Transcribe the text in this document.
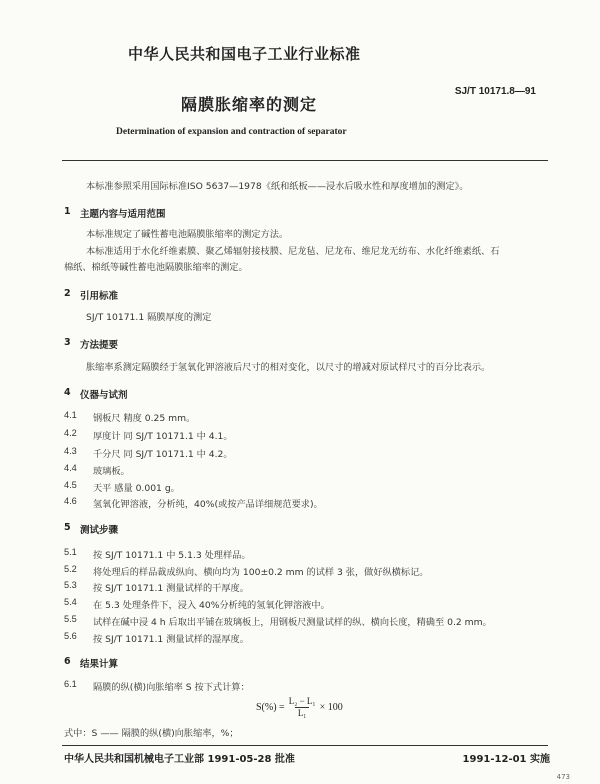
中华人民共和国电子工业行业标准
SJ/T 10171.8—91
隔膜胀缩率的测定
Determination of expansion and contraction of separator
本标准参照采用国际标准ISO 5637—1978《纸和纸板——浸水后吸水性和厚度增加的测定》。
1 主题内容与适用范围
本标准规定了碱性蓄电池隔膜胀缩率的测定方法。
本标准适用于水化纤维素膜、聚乙烯辐射接枝膜、尼龙毡、尼龙布、维尼龙无纺布、水化纤维素纸、石
棉纸、棉纸等碱性蓄电池隔膜胀缩率的测定。
2 引用标准
SJ/T 10171.1 隔膜厚度的测定
3 方法提要
胀缩率系测定隔膜经于氢氧化钾溶液后尺寸的相对变化，以尺寸的增减对原试样尺寸的百分比表示。
4 仪器与试剂
4.1 钢板尺 精度 0.25 mm。
4.2 厚度计 同 SJ/T 10171.1 中 4.1。
4.3 千分尺 同 SJ/T 10171.1 中 4.2。
4.4 玻璃板。
4.5 天平 感量 0.001 g。
4.6 氢氧化钾溶液，分析纯，40%(或按产品详细规范要求)。
5 测试步骤
5.1 按 SJ/T 10171.1 中 5.1.3 处理样品。
5.2 将处理后的样品裁成纵向、横向均为 100±0.2 mm 的试样 3 张，做好纵横标记。
5.3 按 SJ/T 10171.1 测量试样的干厚度。
5.4 在 5.3 处理条件下，浸入 40%分析纯的氢氧化钾溶液中。
5.5 试样在碱中浸 4 h 后取出平铺在玻璃板上，用钢板尺测量试样的纵、横向长度，精确至 0.2 mm。
5.6 按 SJ/T 10171.1 测量试样的湿厚度。
6 结果计算
6.1 隔膜的纵(横)向胀缩率 S 按下式计算：
$S(\%) = \frac{\text{L₂ − L₁}}{\text{L₁}} \times 100$
式中：S —— 隔膜的纵(横)向胀缩率，%；
中华人民共和国机械电子工业部 1991-05-28 批准	1991-12-01 实施
473
